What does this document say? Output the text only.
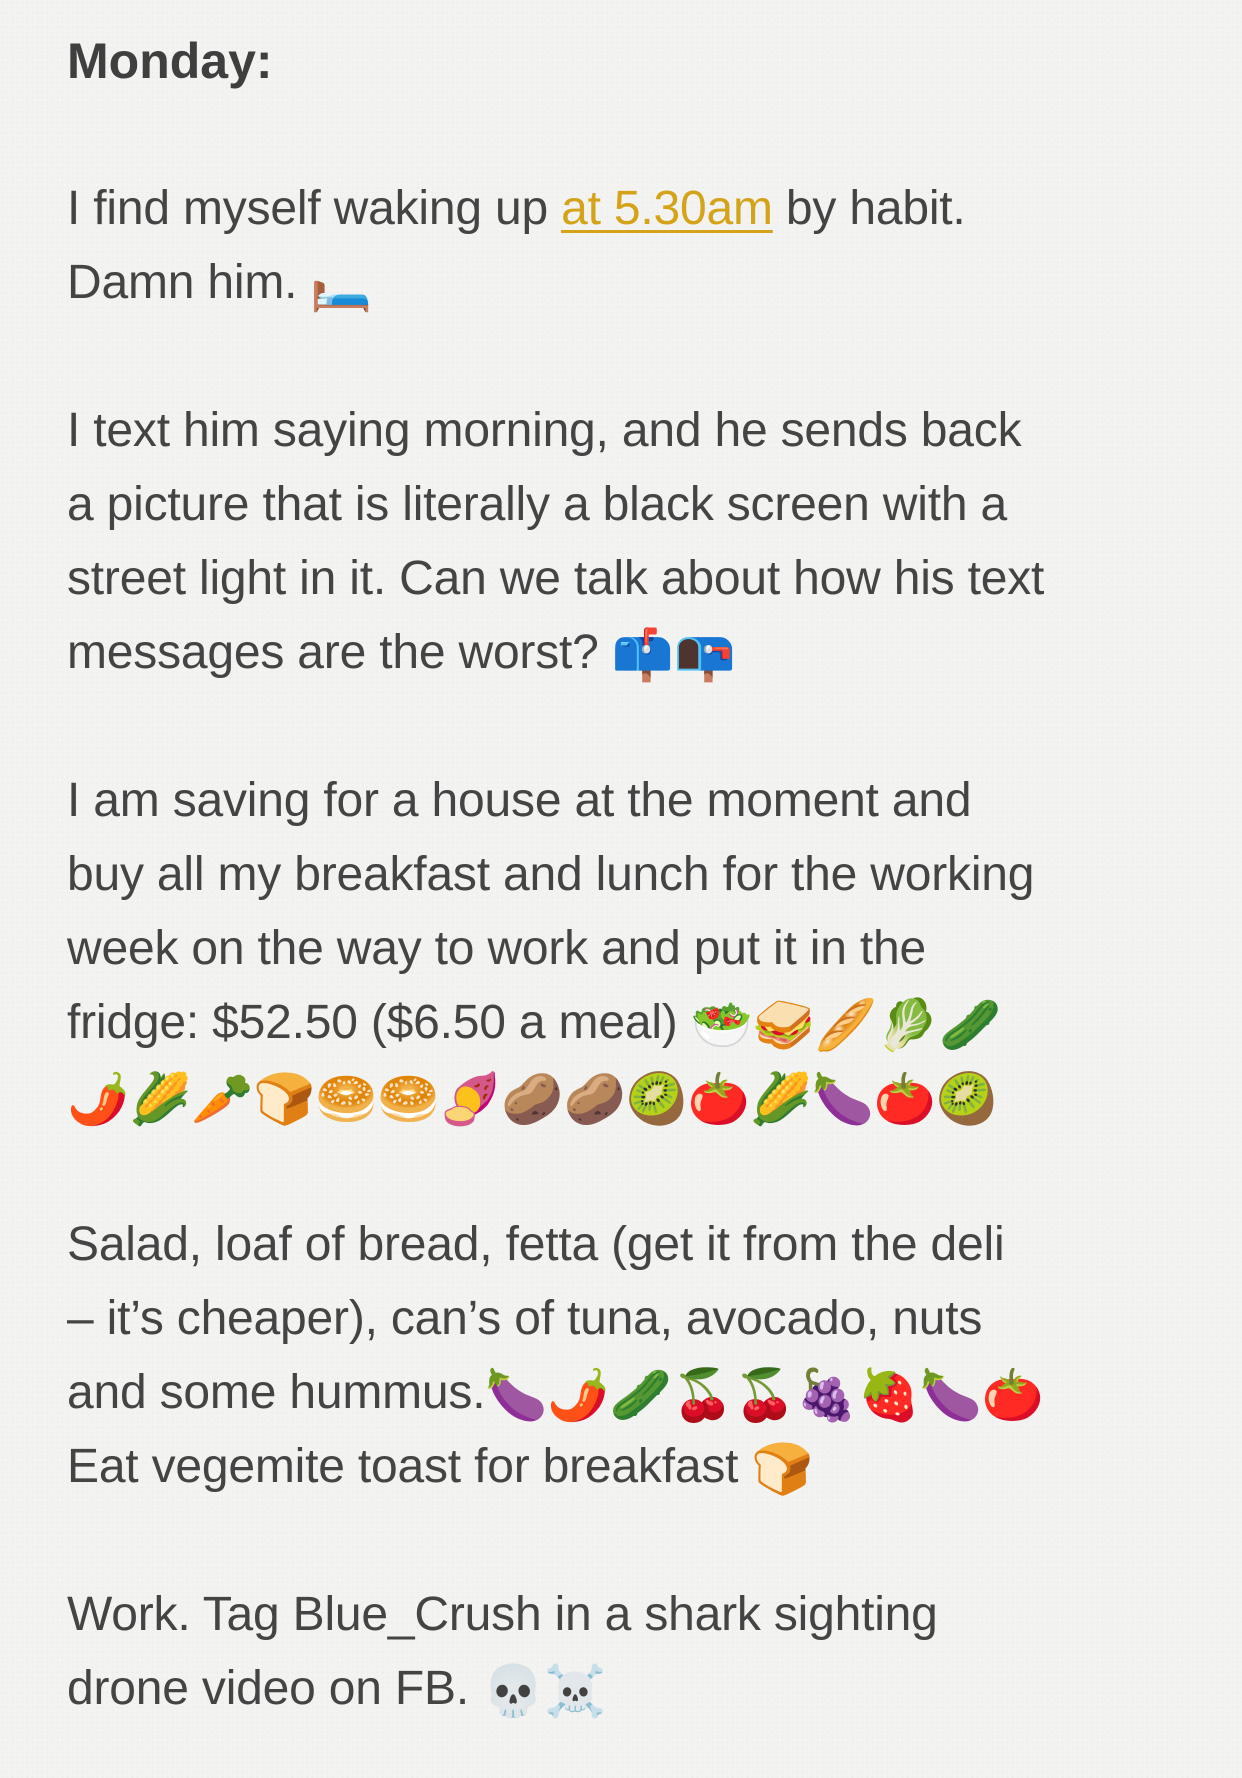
Monday:

I find myself waking up at 5.30am by habit.

Damn him. 🛏️

I text him saying morning, and he sends back

a picture that is literally a black screen with a

street light in it. Can we talk about how his text

messages are the worst? 📫📭

I am saving for a house at the moment and

buy all my breakfast and lunch for the working

week on the way to work and put it in the

fridge: $52.50 ($6.50 a meal) 🥗🥪🥖🥬🥒

🌶️🌽🥕🍞🥯🥯🍠🥔🥔🥝🍅🌽🍆🍅🥝

Salad, loaf of bread, fetta (get it from the deli

– it’s cheaper), can’s of tuna, avocado, nuts

and some hummus.🍆🌶️🥒🍒🍒🍇🍓🍆🍅

Eat vegemite toast for breakfast 🍞

Work. Tag Blue_Crush in a shark sighting

drone video on FB. 💀☠️
